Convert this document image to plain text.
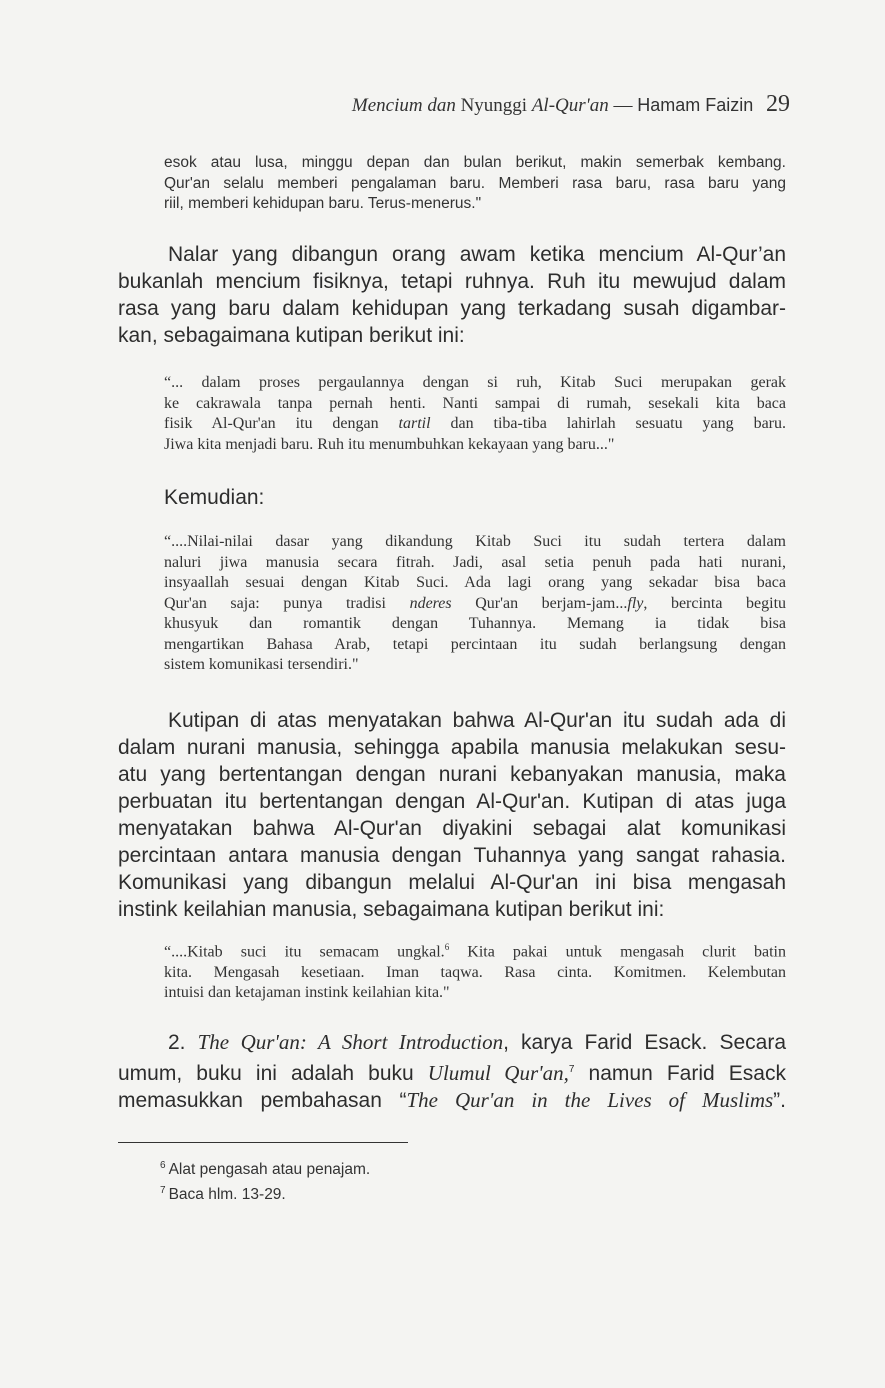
Mencium dan Nyunggi Al-Qur'an — Hamam Faizin 29
esok atau lusa, minggu depan dan bulan berikut, makin semerbak kembang.
Qur'an selalu memberi pengalaman baru. Memberi rasa baru, rasa baru yang
riil, memberi kehidupan baru. Terus-menerus."
Nalar yang dibangun orang awam ketika mencium Al-Qur’an
bukanlah mencium fisiknya, tetapi ruhnya. Ruh itu mewujud dalam
rasa yang baru dalam kehidupan yang terkadang susah digambar-
kan, sebagaimana kutipan berikut ini:
“... dalam proses pergaulannya dengan si ruh, Kitab Suci merupakan gerak
ke cakrawala tanpa pernah henti. Nanti sampai di rumah, sesekali kita baca
fisik Al-Qur'an itu dengan tartil dan tiba-tiba lahirlah sesuatu yang baru.
Jiwa kita menjadi baru. Ruh itu menumbuhkan kekayaan yang baru..."
Kemudian:
“....Nilai-nilai dasar yang dikandung Kitab Suci itu sudah tertera dalam
naluri jiwa manusia secara fitrah. Jadi, asal setia penuh pada hati nurani,
insyaallah sesuai dengan Kitab Suci. Ada lagi orang yang sekadar bisa baca
Qur'an saja: punya tradisi nderes Qur'an berjam-jam...fly, bercinta begitu
khusyuk dan romantik dengan Tuhannya. Memang ia tidak bisa
mengartikan Bahasa Arab, tetapi percintaan itu sudah berlangsung dengan
sistem komunikasi tersendiri."
Kutipan di atas menyatakan bahwa Al-Qur'an itu sudah ada di
dalam nurani manusia, sehingga apabila manusia melakukan sesu-
atu yang bertentangan dengan nurani kebanyakan manusia, maka
perbuatan itu bertentangan dengan Al-Qur'an. Kutipan di atas juga
menyatakan bahwa Al-Qur'an diyakini sebagai alat komunikasi
percintaan antara manusia dengan Tuhannya yang sangat rahasia.
Komunikasi yang dibangun melalui Al-Qur'an ini bisa mengasah
instink keilahian manusia, sebagaimana kutipan berikut ini:
“....Kitab suci itu semacam ungkal.$^6$ Kita pakai untuk mengasah clurit batin
kita. Mengasah kesetiaan. Iman taqwa. Rasa cinta. Komitmen. Kelembutan
intuisi dan ketajaman instink keilahian kita."
2. The Qur'an: A Short Introduction, karya Farid Esack. Secara
umum, buku ini adalah buku Ulumul Qur'an,$^7$ namun Farid Esack
memasukkan pembahasan “The Qur'an in the Lives of Muslims”.
$^6$ Alat pengasah atau penajam.
$^7$ Baca hlm. 13-29.
